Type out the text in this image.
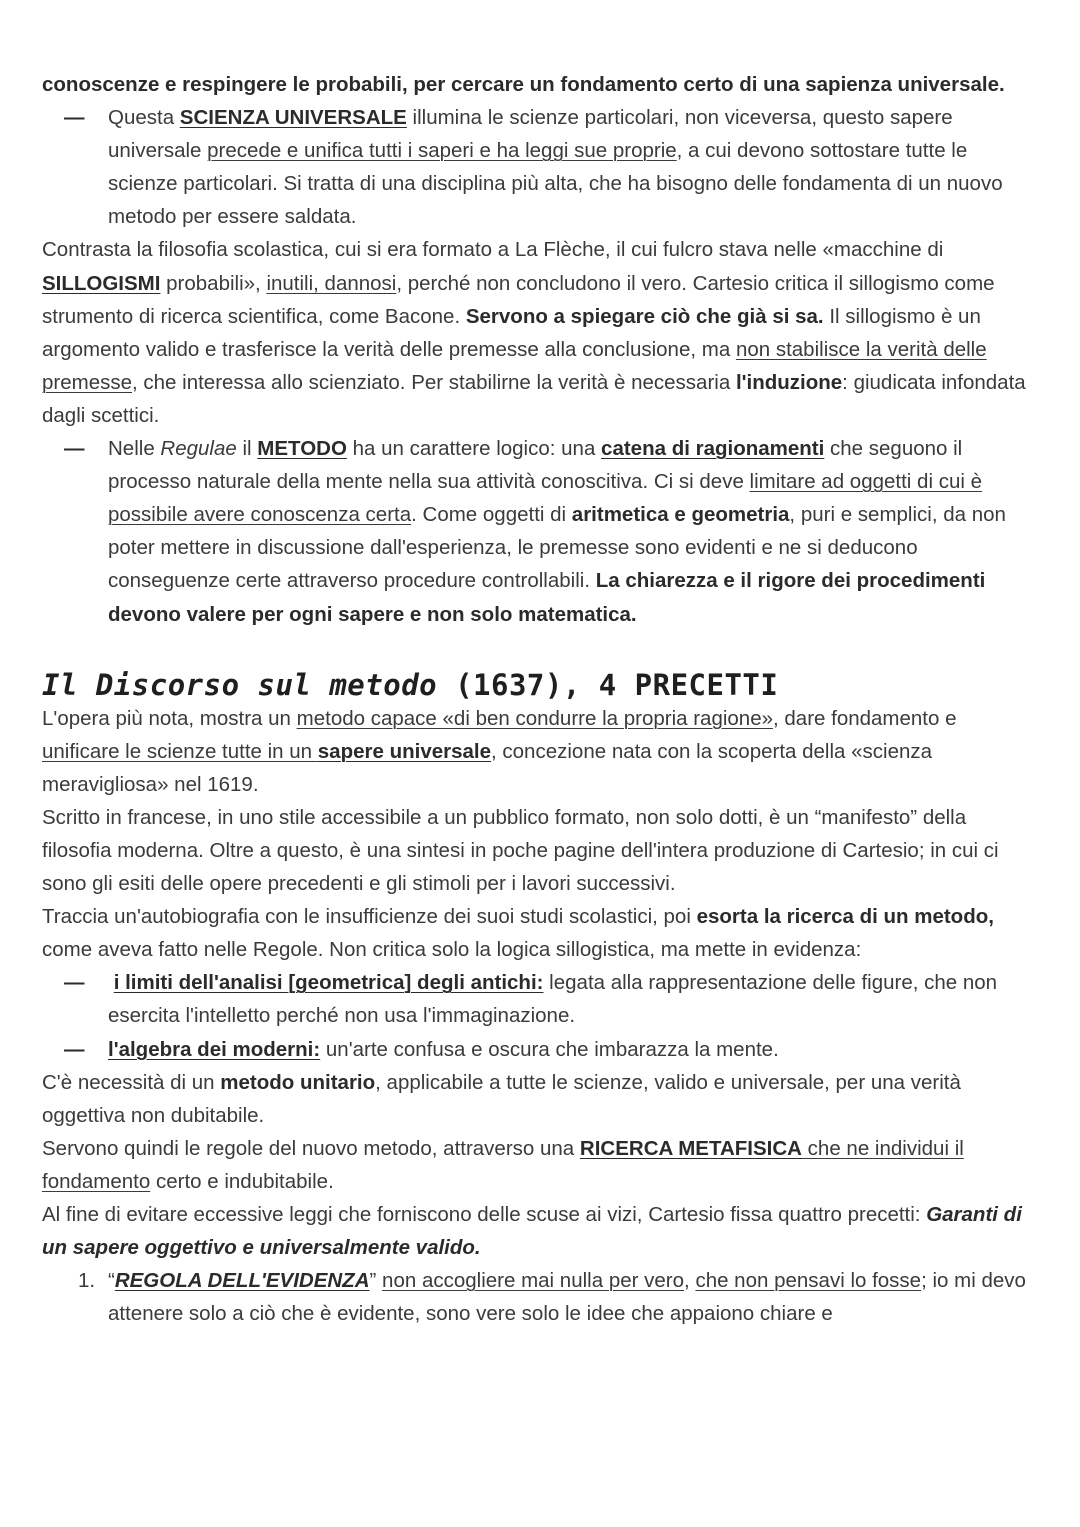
conoscenze e respingere le probabili, per cercare un fondamento certo di una sapienza universale.

— Questa SCIENZA UNIVERSALE illumina le scienze particolari, non viceversa, questo sapere universale precede e unifica tutti i saperi e ha leggi sue proprie, a cui devono sottostare tutte le scienze particolari. Si tratta di una disciplina più alta, che ha bisogno delle fondamenta di un nuovo metodo per essere saldata.

Contrasta la filosofia scolastica, cui si era formato a La Flèche, il cui fulcro stava nelle «macchine di SILLOGISMI probabili», inutili, dannosi, perché non concludono il vero. Cartesio critica il sillogismo come strumento di ricerca scientifica, come Bacone. Servono a spiegare ciò che già si sa. Il sillogismo è un argomento valido e trasferisce la verità delle premesse alla conclusione, ma non stabilisce la verità delle premesse, che interessa allo scienziato. Per stabilirne la verità è necessaria l'induzione: giudicata infondata dagli scettici.

— Nelle Regulae il METODO ha un carattere logico: una catena di ragionamenti che seguono il processo naturale della mente nella sua attività conoscitiva. Ci si deve limitare ad oggetti di cui è possibile avere conoscenza certa. Come oggetti di aritmetica e geometria, puri e semplici, da non poter mettere in discussione dall'esperienza, le premesse sono evidenti e ne si deducono conseguenze certe attraverso procedure controllabili. La chiarezza e il rigore dei procedimenti devono valere per ogni sapere e non solo matematica.
Il Discorso sul metodo (1637), 4 PRECETTI

L'opera più nota, mostra un metodo capace «di ben condurre la propria ragione», dare fondamento e unificare le scienze tutte in un sapere universale, concezione nata con la scoperta della «scienza meravigliosa» nel 1619.

Scritto in francese, in uno stile accessibile a un pubblico formato, non solo dotti, è un “manifesto” della filosofia moderna. Oltre a questo, è una sintesi in poche pagine dell'intera produzione di Cartesio; in cui ci sono gli esiti delle opere precedenti e gli stimoli per i lavori successivi.

Traccia un'autobiografia con le insufficienze dei suoi studi scolastici, poi esorta la ricerca di un metodo, come aveva fatto nelle Regole. Non critica solo la logica sillogistica, ma mette in evidenza:

— i limiti dell'analisi [geometrica] degli antichi: legata alla rappresentazione delle figure, che non esercita l'intelletto perché non usa l'immaginazione.
— l'algebra dei moderni: un'arte confusa e oscura che imbarazza la mente.

C'è necessità di un metodo unitario, applicabile a tutte le scienze, valido e universale, per una verità oggettiva non dubitabile.

Servono quindi le regole del nuovo metodo, attraverso una RICERCA METAFISICA che ne individui il fondamento certo e indubitabile.

Al fine di evitare eccessive leggi che forniscono delle scuse ai vizi, Cartesio fissa quattro precetti: Garanti di un sapere oggettivo e universalmente valido.

1. “REGOLA DELL'EVIDENZA” non accogliere mai nulla per vero, che non pensavi lo fosse; io mi devo attenere solo a ciò che è evidente, sono vere solo le idee che appaiono chiare e
